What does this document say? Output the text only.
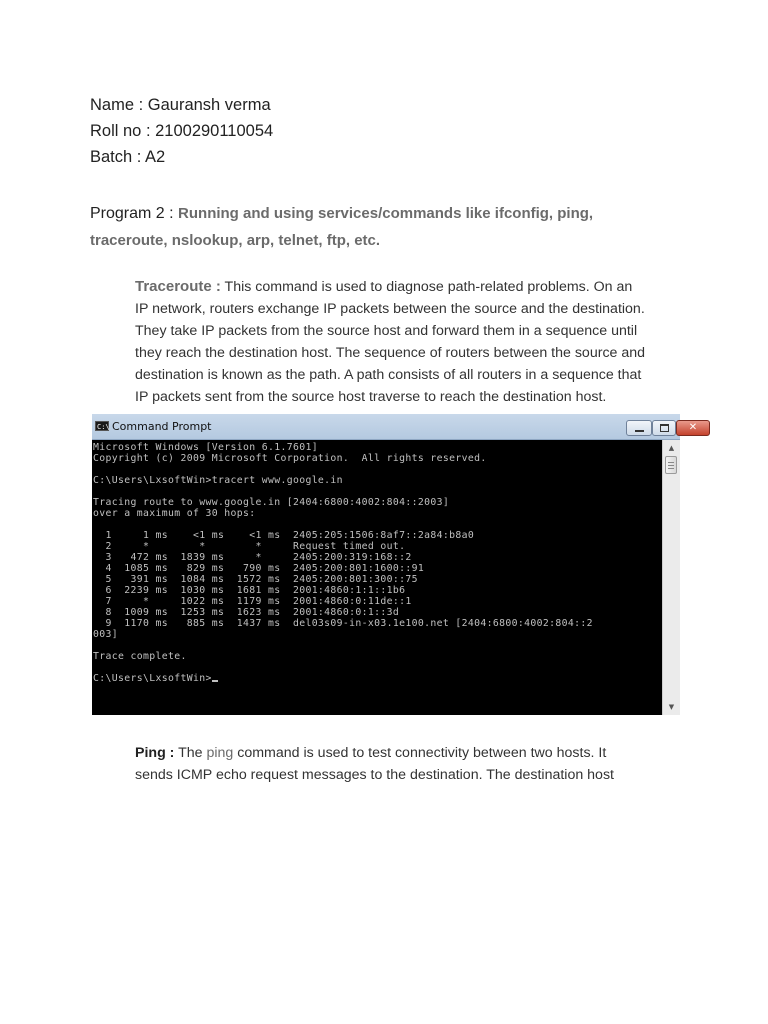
Name : Gauransh verma
Roll no : 2100290110054
Batch : A2
Program 2 : Running and using services/commands like ifconfig, ping,
traceroute, nslookup, arp, telnet, ftp, etc.
Traceroute : This command is used to diagnose path-related problems. On an
IP network, routers exchange IP packets between the source and the destination.
They take IP packets from the source host and forward them in a sequence until
they reach the destination host. The sequence of routers between the source and
destination is known as the path. A path consists of all routers in a sequence that
IP packets sent from the source host traverse to reach the destination host.
C:\ Command Prompt	✕
Microsoft Windows [Version 6.1.7601]
Copyright (c) 2009 Microsoft Corporation.  All rights reserved.
C:\Users\LxsoftWin>tracert www.google.in
Tracing route to www.google.in [2404:6800:4002:804::2003]
over a maximum of 30 hops:
1     1 ms    <1 ms    <1 ms  2405:205:1506:8af7::2a84:b8a0
2     *        *        *     Request timed out.
3   472 ms  1839 ms     *     2405:200:319:168::2
4  1085 ms   829 ms   790 ms  2405:200:801:1600::91
5   391 ms  1084 ms  1572 ms  2405:200:801:300::75
6  2239 ms  1030 ms  1681 ms  2001:4860:1:1::1b6
7     *     1022 ms  1179 ms  2001:4860:0:11de::1
8  1009 ms  1253 ms  1623 ms  2001:4860:0:1::3d
9  1170 ms   885 ms  1437 ms  del03s09-in-x03.1e100.net [2404:6800:4002:804::2
003]
Trace complete.
C:\Users\LxsoftWin>
▲
▼
Ping : The ping command is used to test connectivity between two hosts. It
sends ICMP echo request messages to the destination. The destination host
